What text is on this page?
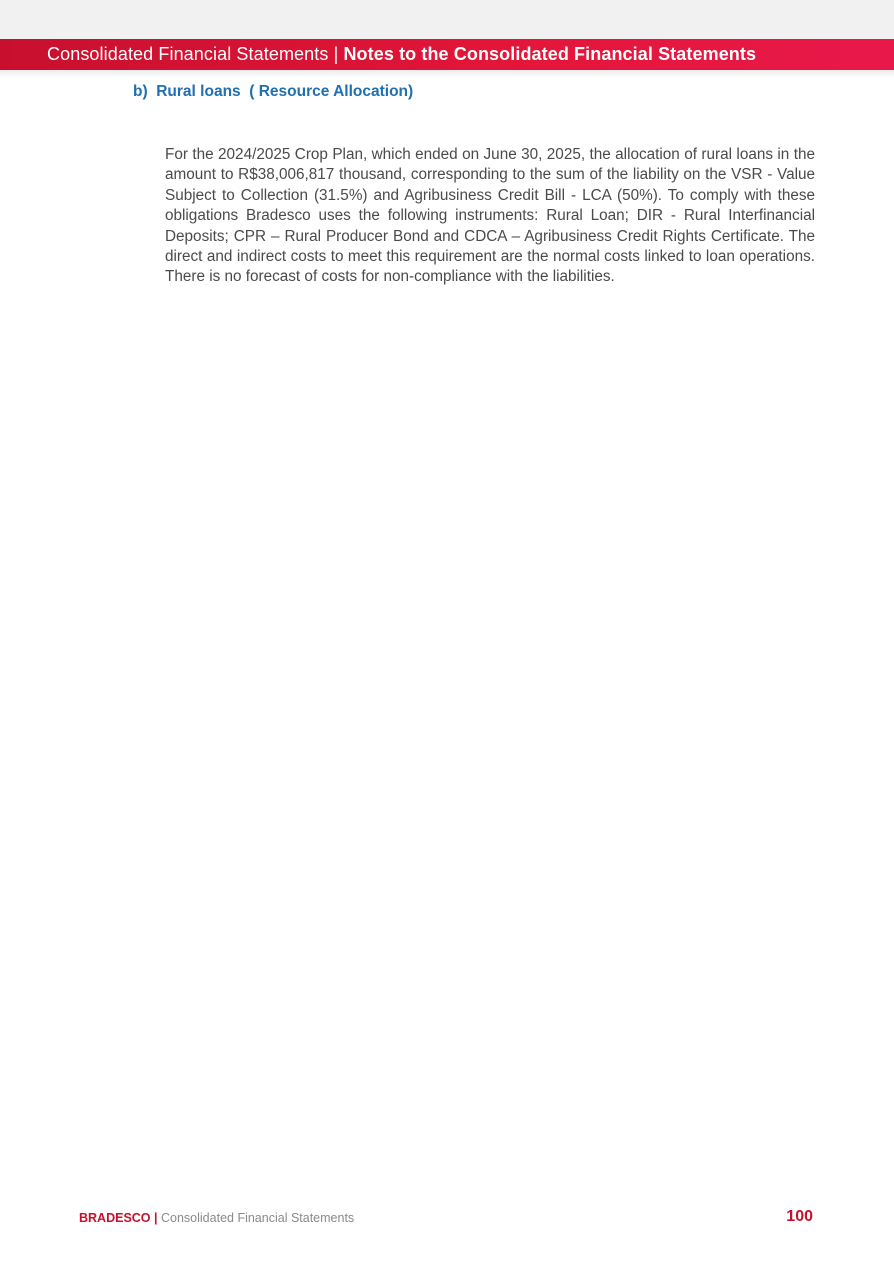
Consolidated Financial Statements | Notes to the Consolidated Financial Statements
b)  Rural loans  ( Resource Allocation)
For the 2024/2025 Crop Plan, which ended on June 30, 2025, the allocation of rural loans in the amount to R$38,006,817 thousand, corresponding to the sum of the liability on the VSR - Value Subject to Collection (31.5%) and Agribusiness Credit Bill - LCA (50%). To comply with these obligations Bradesco uses the following instruments: Rural Loan; DIR - Rural Interfinancial Deposits; CPR – Rural Producer Bond and CDCA – Agribusiness Credit Rights Certificate. The direct and indirect costs to meet this requirement are the normal costs linked to loan operations. There is no forecast of costs for non-compliance with the liabilities.
BRADESCO | Consolidated Financial Statements	100
